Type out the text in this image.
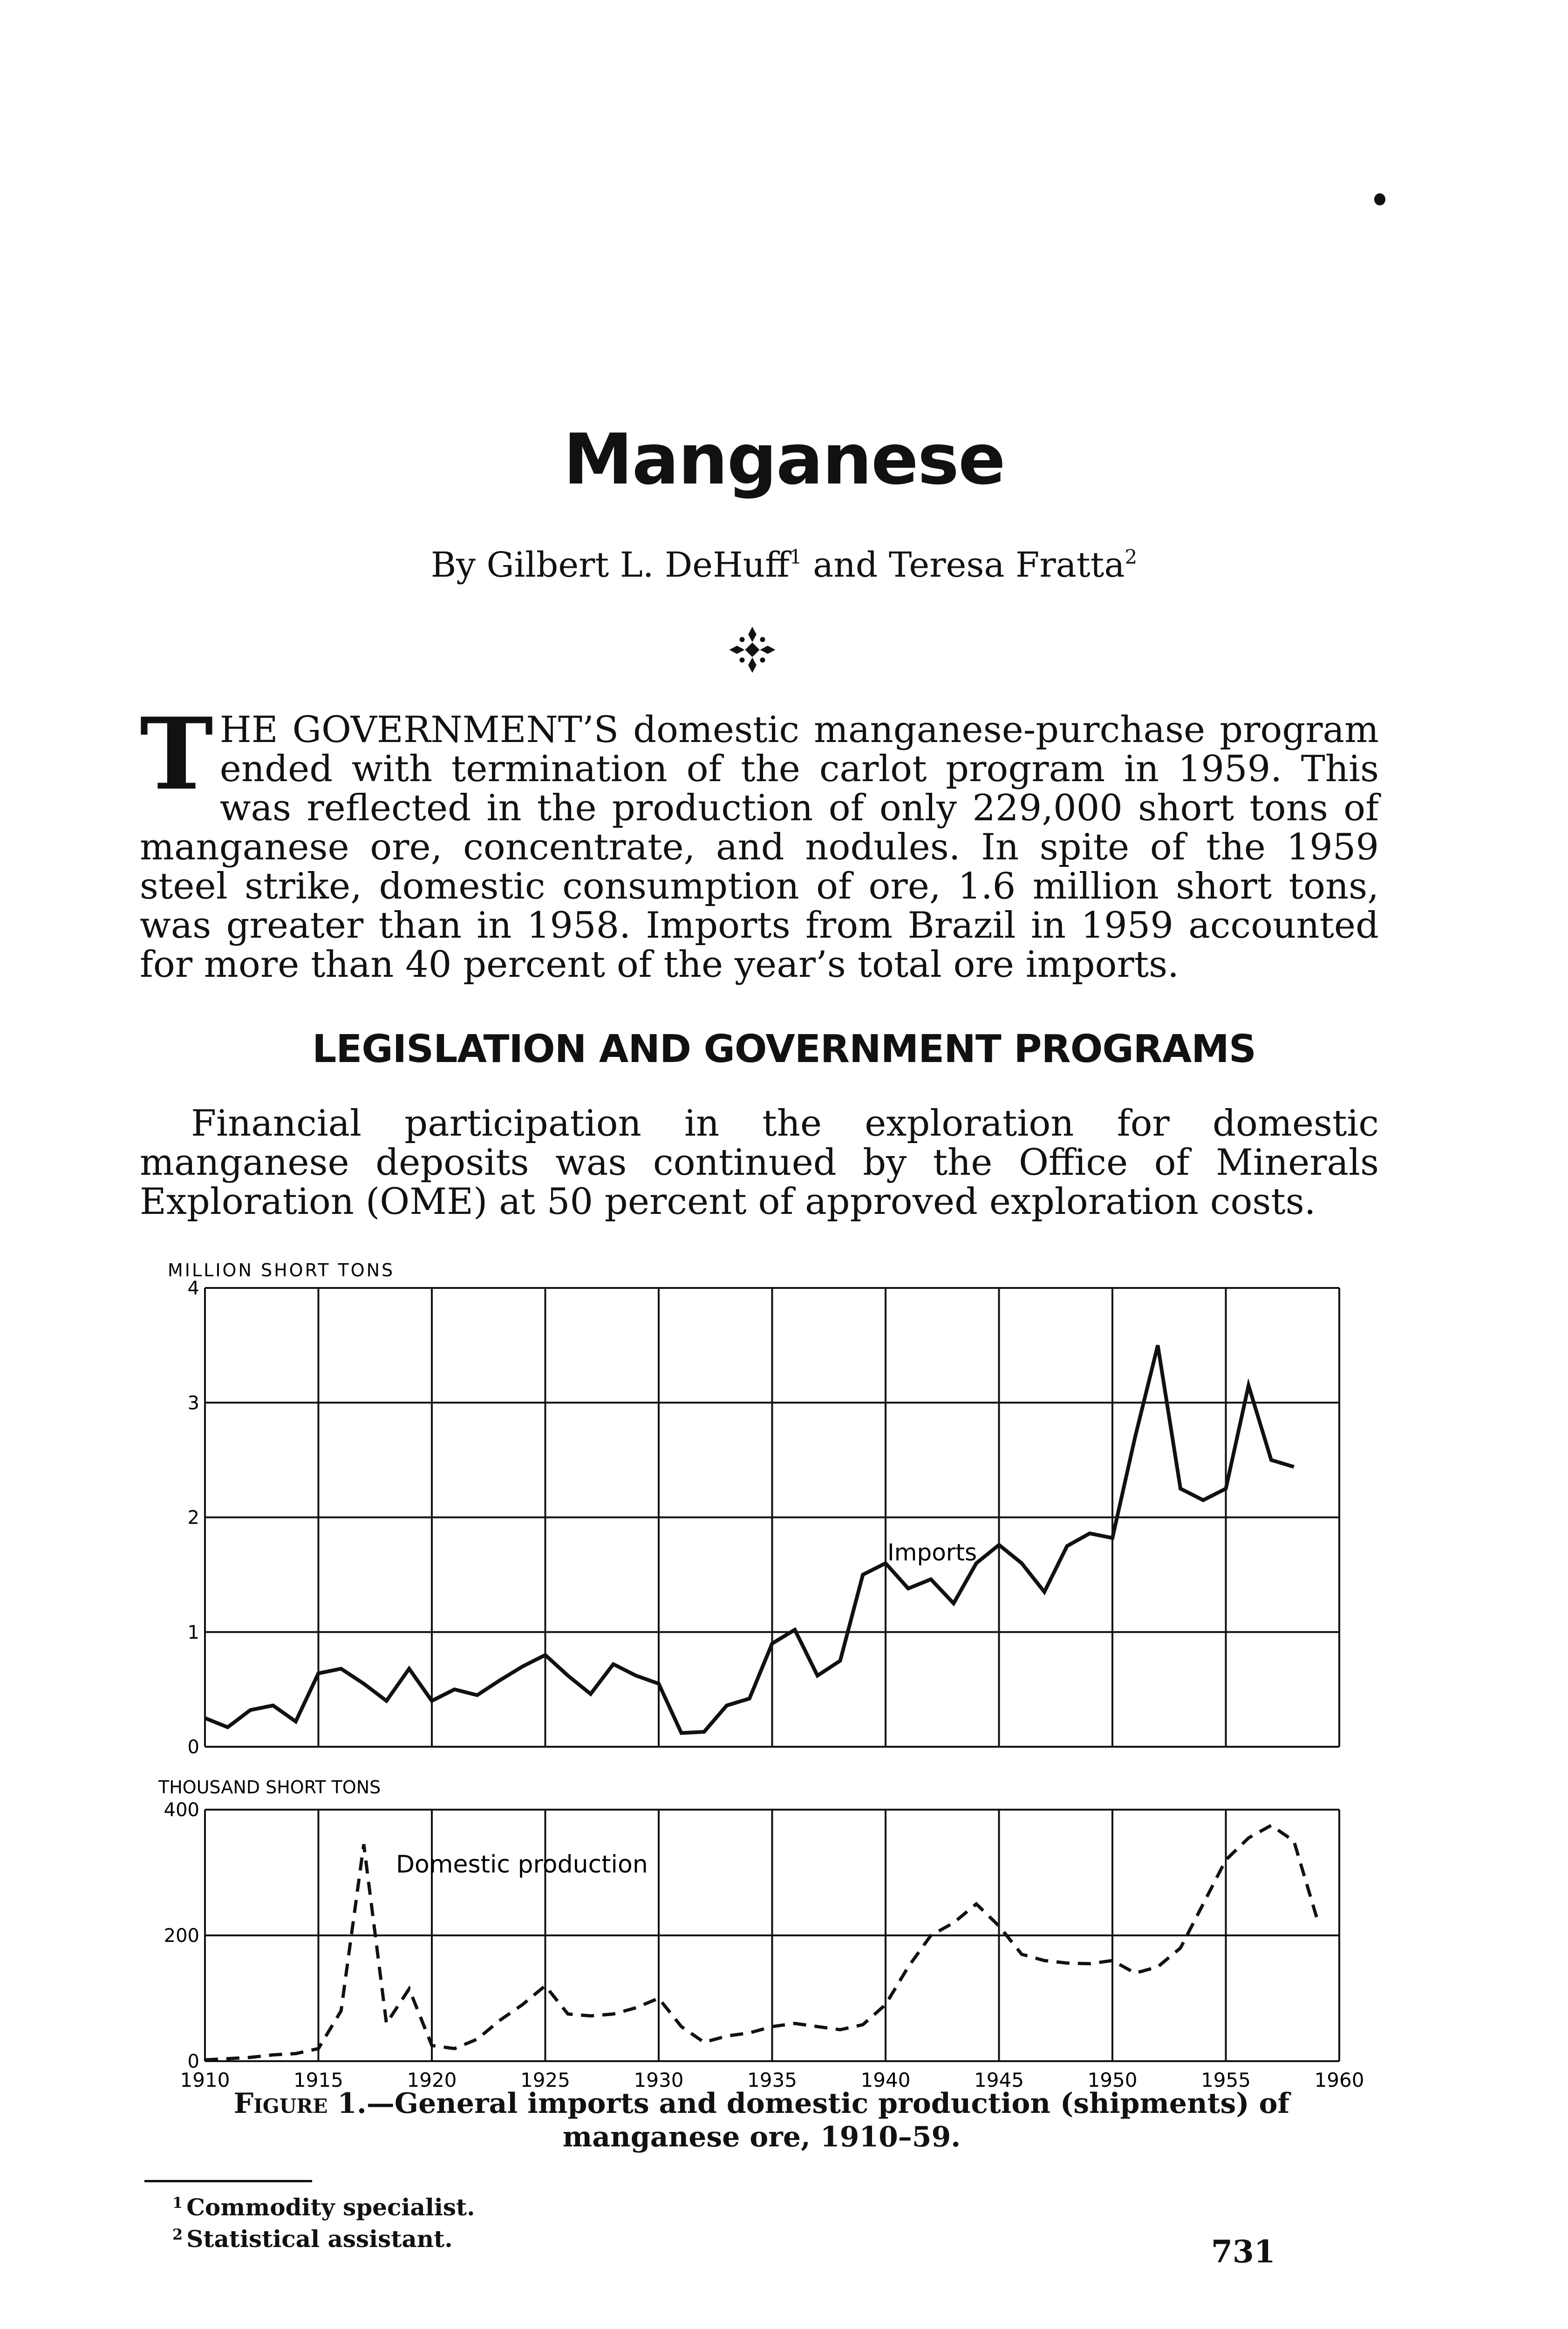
Manganese
By Gilbert L. DeHuff$^1$ and Teresa Fratta$^2$
THE GOVERNMENT’S domestic manganese-purchase program ended with termination of the carlot program in 1959. This was reflected in the production of only 229,000 short tons of manganese ore, concentrate, and nodules. In spite of the 1959 steel strike, domestic consumption of ore, 1.6 million short tons, was greater than in 1958. Imports from Brazil in 1959 accounted for more than 40 percent of the year’s total ore imports.
LEGISLATION AND GOVERNMENT PROGRAMS
Financial participation in the exploration for domestic manganese deposits was continued by the Office of Minerals Exploration (OME) at 50 percent of approved exploration costs.
MILLION SHORT TONS
0
1
2
3
4
Imports
THOUSAND SHORT TONS
0
200
400
Domestic production
1910	1915	1920	1925	1930	1935	1940	1945	1950	1955	1960
Figure 1.—General imports and domestic production (shipments) of manganese ore, 1910–59.
$^1$ Commodity specialist.
$^2$ Statistical assistant.	731
